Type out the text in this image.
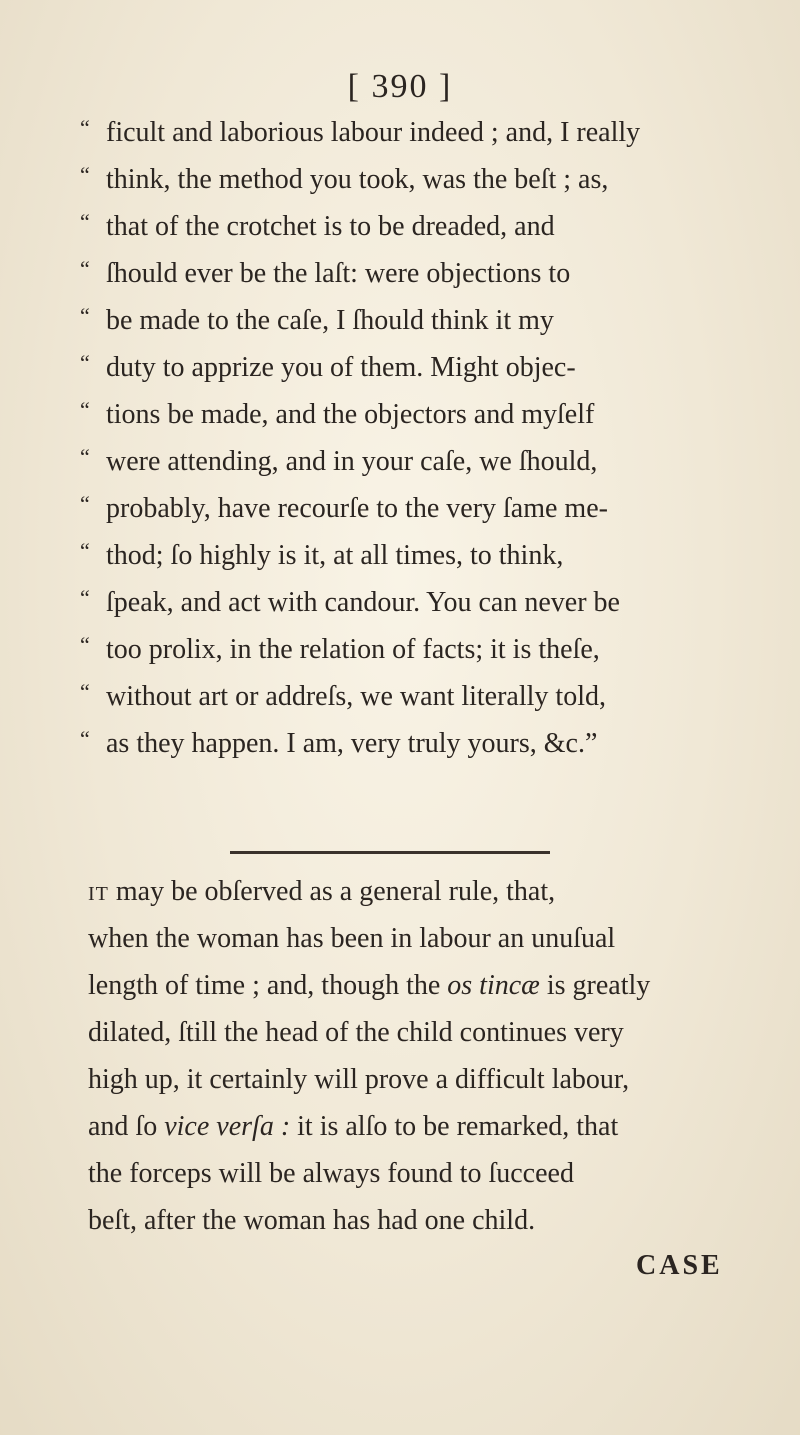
[ 390 ]
“ ficult and laborious labour indeed ; and, I really
“ think, the method you took, was the beſt ; as,
“ that of the crotchet is to be dreaded, and
“ ſhould ever be the laſt: were objections to
“ be made to the caſe, I ſhould think it my
“ duty to apprize you of them. Might objec-
“ tions be made, and the objectors and myſelf
“ were attending, and in your caſe, we ſhould,
“ probably, have recourſe to the very ſame me-
“ thod; ſo highly is it, at all times, to think,
“ ſpeak, and act with candour. You can never be
“ too prolix, in the relation of facts; it is theſe,
“ without art or addreſs, we want literally told,
“ as they happen. I am, very truly yours, &c.”
it may be obſerved as a general rule, that,
when the woman has been in labour an unuſual
length of time ; and, though the os tincæ is greatly
dilated, ſtill the head of the child continues very
high up, it certainly will prove a difficult labour,
and ſo vice verſa : it is alſo to be remarked, that
the forceps will be always found to ſucceed
beſt, after the woman has had one child.
CASE
